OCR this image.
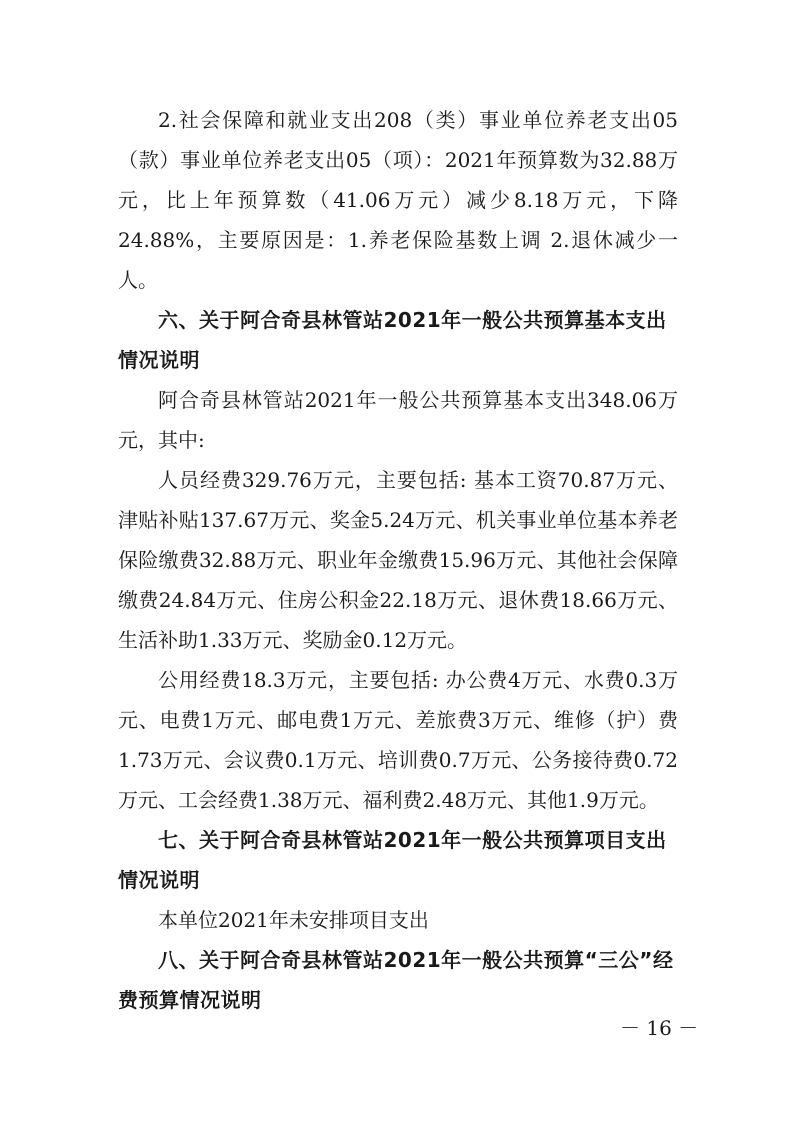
2.社会保障和就业支出208（类）事业单位养老支出05（款）事业单位养老支出05（项）：2021年预算数为32.88万元，比上年预算数（41.06万元）减少8.18万元，下降24.88%，主要原因是：1.养老保险基数上调 2.退休减少一人。

六、关于阿合奇县林管站2021年一般公共预算基本支出情况说明

阿合奇县林管站2021年一般公共预算基本支出348.06万元，其中:

人员经费329.76万元，主要包括: 基本工资70.87万元、津贴补贴137.67万元、奖金5.24万元、机关事业单位基本养老保险缴费32.88万元、职业年金缴费15.96万元、其他社会保障缴费24.84万元、住房公积金22.18万元、退休费18.66万元、生活补助1.33万元、奖励金0.12万元。

公用经费18.3万元，主要包括: 办公费4万元、水费0.3万元、电费1万元、邮电费1万元、差旅费3万元、维修（护）费1.73万元、会议费0.1万元、培训费0.7万元、公务接待费0.72万元、工会经费1.38万元、福利费2.48万元、其他1.9万元。

七、关于阿合奇县林管站2021年一般公共预算项目支出情况说明

本单位2021年未安排项目支出

八、关于阿合奇县林管站2021年一般公共预算“三公”经费预算情况说明

－ 16 －
